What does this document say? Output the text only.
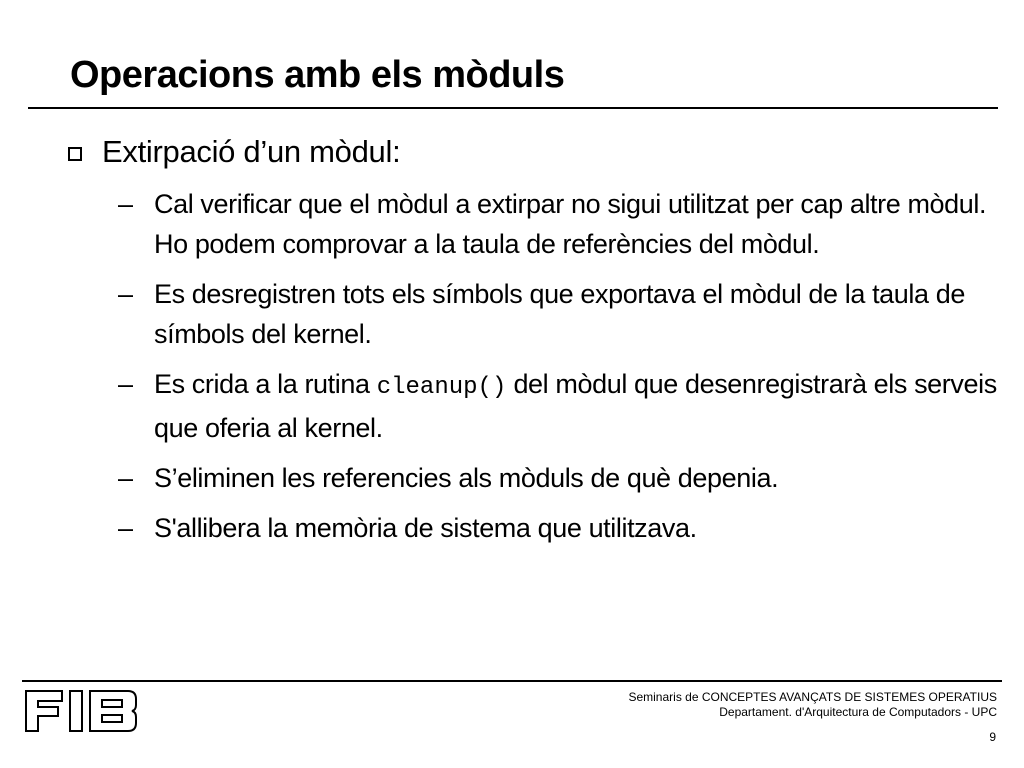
Operacions amb els mòduls
Extirpació d’un mòdul:
– Cal verificar que el mòdul a extirpar no sigui utilitzat per cap altre mòdul. Ho podem comprovar a la taula de referències del mòdul.
– Es desregistren tots els símbols que exportava el mòdul de la taula de símbols del kernel.
– Es crida a la rutina cleanup() del mòdul que desenregistrarà els serveis que oferia al kernel.
– S’eliminen les referencies als mòduls de què depenia.
– S'allibera la memòria de sistema que utilitzava.
Seminaris de CONCEPTES AVANÇATS DE SISTEMES OPERATIUS
Departament. d'Arquitectura de Computadors - UPC
9
